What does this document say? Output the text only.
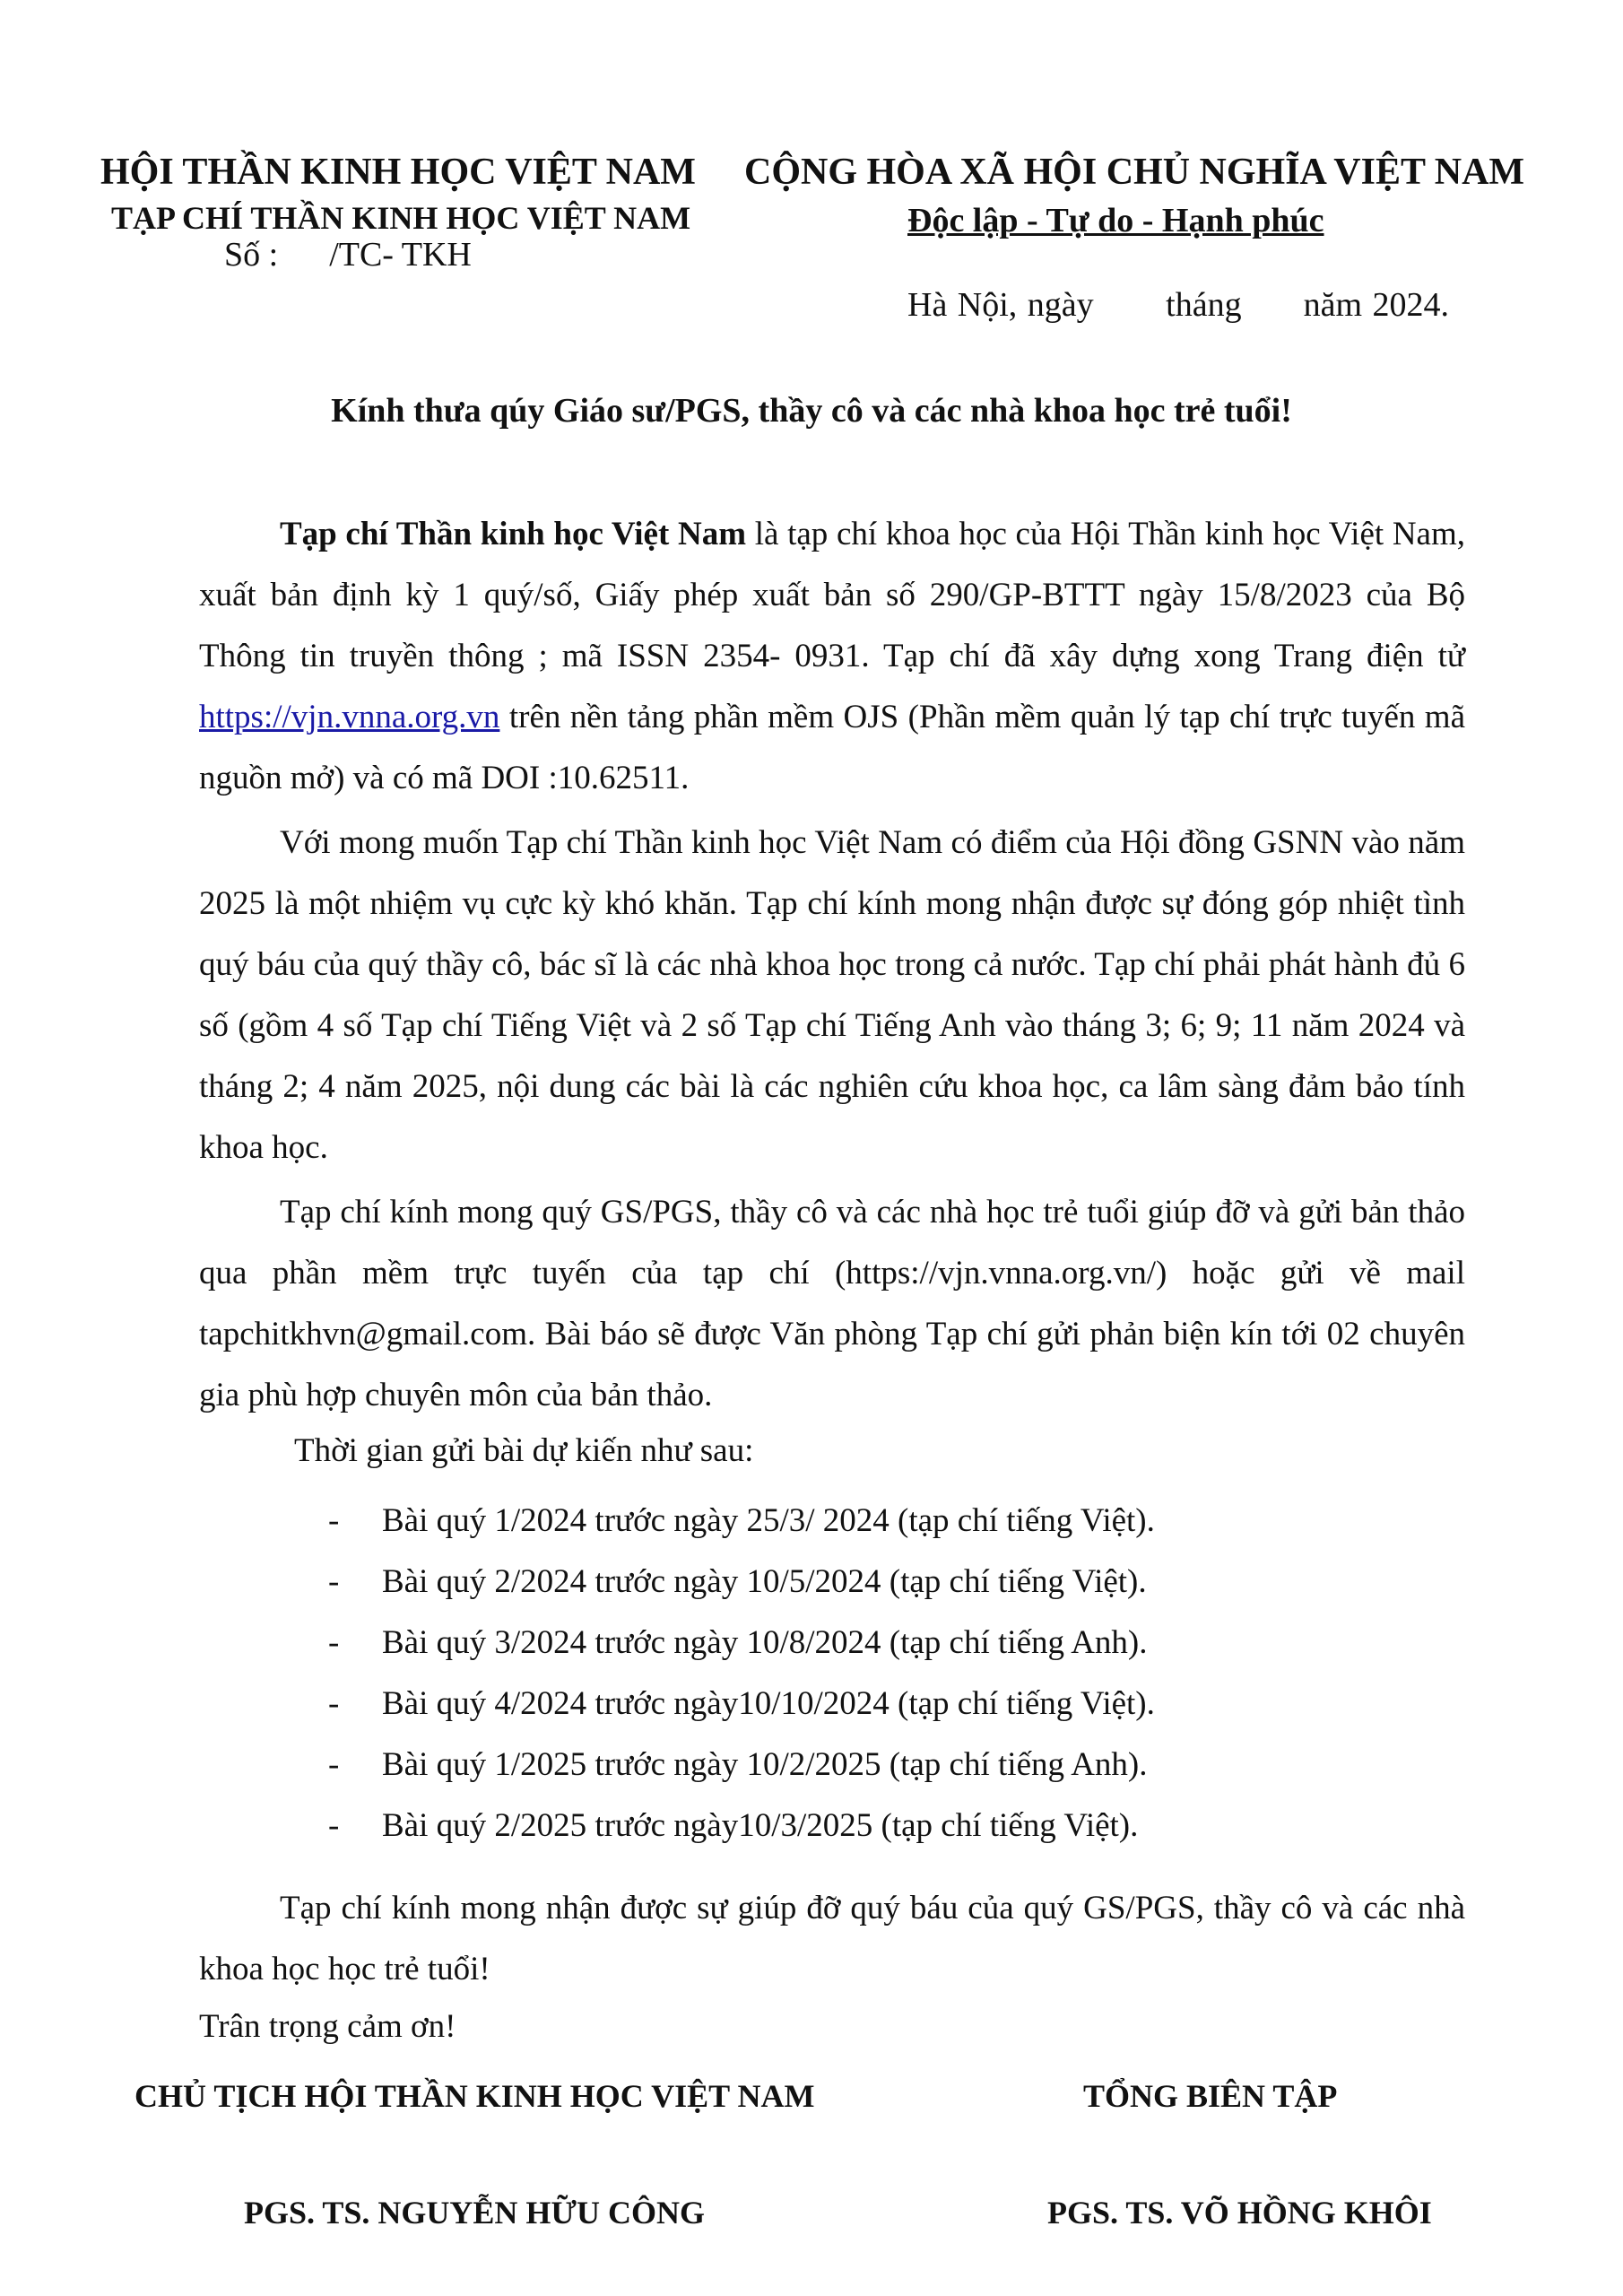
HỘI THẦN KINH HỌC VIỆT NAM
TẠP CHÍ THẦN KINH HỌC VIỆT NAM
Số :      /TC- TKH
CỘNG HÒA XÃ HỘI CHỦ NGHĨA VIỆT NAM
Độc lập - Tự do - Hạnh phúc
Hà Nội, ngày       tháng      năm 2024.
Kính thưa qúy Giáo sư/PGS, thầy cô và các nhà khoa học trẻ tuổi!

Tạp chí Thần kinh học Việt Nam là tạp chí khoa học của Hội Thần kinh học Việt Nam, xuất bản định kỳ 1 quý/số, Giấy phép xuất bản số 290/GP-BTTT ngày 15/8/2023 của Bộ Thông tin truyền thông ; mã ISSN 2354- 0931. Tạp chí đã xây dựng xong Trang điện tử https://vjn.vnna.org.vn trên nền tảng phần mềm OJS (Phần mềm quản lý tạp chí trực tuyến mã nguồn mở) và có mã DOI :10.62511.

Với mong muốn Tạp chí Thần kinh học Việt Nam có điểm của Hội đồng GSNN vào năm 2025 là một nhiệm vụ cực kỳ khó khăn. Tạp chí kính mong nhận được sự đóng góp nhiệt tình quý báu của quý thầy cô, bác sĩ là các nhà khoa học trong cả nước. Tạp chí phải phát hành đủ 6 số (gồm 4 số Tạp chí Tiếng Việt và 2 số Tạp chí Tiếng Anh vào tháng 3; 6; 9; 11 năm 2024 và tháng 2; 4 năm 2025, nội dung các bài là các nghiên cứu khoa học, ca lâm sàng đảm bảo tính khoa học.

Tạp chí kính mong quý GS/PGS, thầy cô và các nhà học trẻ tuổi giúp đỡ và gửi bản thảo qua phần mềm trực tuyến của tạp chí (https://vjn.vnna.org.vn/) hoặc gửi về mail tapchitkhvn@gmail.com. Bài báo sẽ được Văn phòng Tạp chí gửi phản biện kín tới 02 chuyên gia phù hợp chuyên môn của bản thảo.

Thời gian gửi bài dự kiến như sau:
- Bài quý 1/2024 trước ngày 25/3/ 2024 (tạp chí tiếng Việt).
- Bài quý 2/2024 trước ngày 10/5/2024 (tạp chí tiếng Việt).
- Bài quý 3/2024 trước ngày 10/8/2024 (tạp chí tiếng Anh).
- Bài quý 4/2024 trước ngày10/10/2024 (tạp chí tiếng Việt).
- Bài quý 1/2025 trước ngày 10/2/2025 (tạp chí tiếng Anh).
- Bài quý 2/2025 trước ngày10/3/2025 (tạp chí tiếng Việt).

Tạp chí kính mong nhận được sự giúp đỡ quý báu của quý GS/PGS, thầy cô và các nhà khoa học học trẻ tuổi!

Trân trọng cảm ơn!
CHỦ TỊCH HỘI THẦN KINH HỌC VIỆT NAM	TỔNG BIÊN TẬP
PGS. TS. NGUYỄN HỮU CÔNG	PGS. TS. VÕ HỒNG KHÔI
